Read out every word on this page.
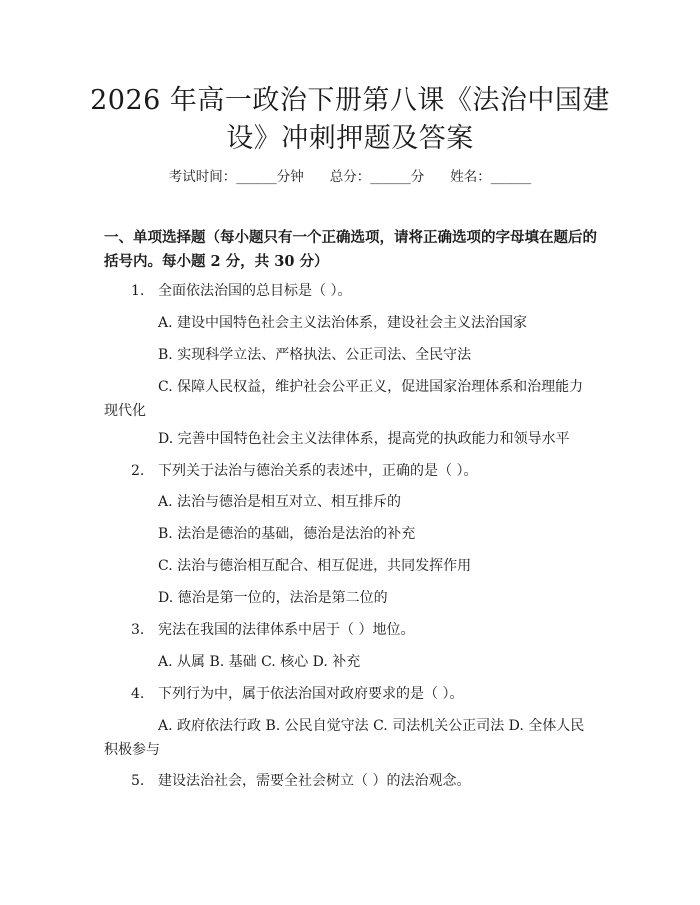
2026 年高一政治下册第八课《法治中国建
设》冲刺押题及答案
考试时间：______分钟 总分：______分 姓名：______

一、单项选择题（每小题只有一个正确选项，请将正确选项的字母填在题后的括号内。每小题 2 分，共 30 分）

1. 全面依法治国的总目标是（ ）。
A. 建设中国特色社会主义法治体系，建设社会主义法治国家
B. 实现科学立法、严格执法、公正司法、全民守法
C. 保障人民权益，维护社会公平正义，促进国家治理体系和治理能力现代化
D. 完善中国特色社会主义法律体系，提高党的执政能力和领导水平
2. 下列关于法治与德治关系的表述中，正确的是（ ）。
A. 法治与德治是相互对立、相互排斥的
B. 法治是德治的基础，德治是法治的补充
C. 法治与德治相互配合、相互促进，共同发挥作用
D. 德治是第一位的，法治是第二位的
3. 宪法在我国的法律体系中居于（ ）地位。
A. 从属 B. 基础 C. 核心 D. 补充
4. 下列行为中，属于依法治国对政府要求的是（ ）。
A. 政府依法行政 B. 公民自觉守法 C. 司法机关公正司法 D. 全体人民积极参与
5. 建设法治社会，需要全社会树立（ ）的法治观念。
